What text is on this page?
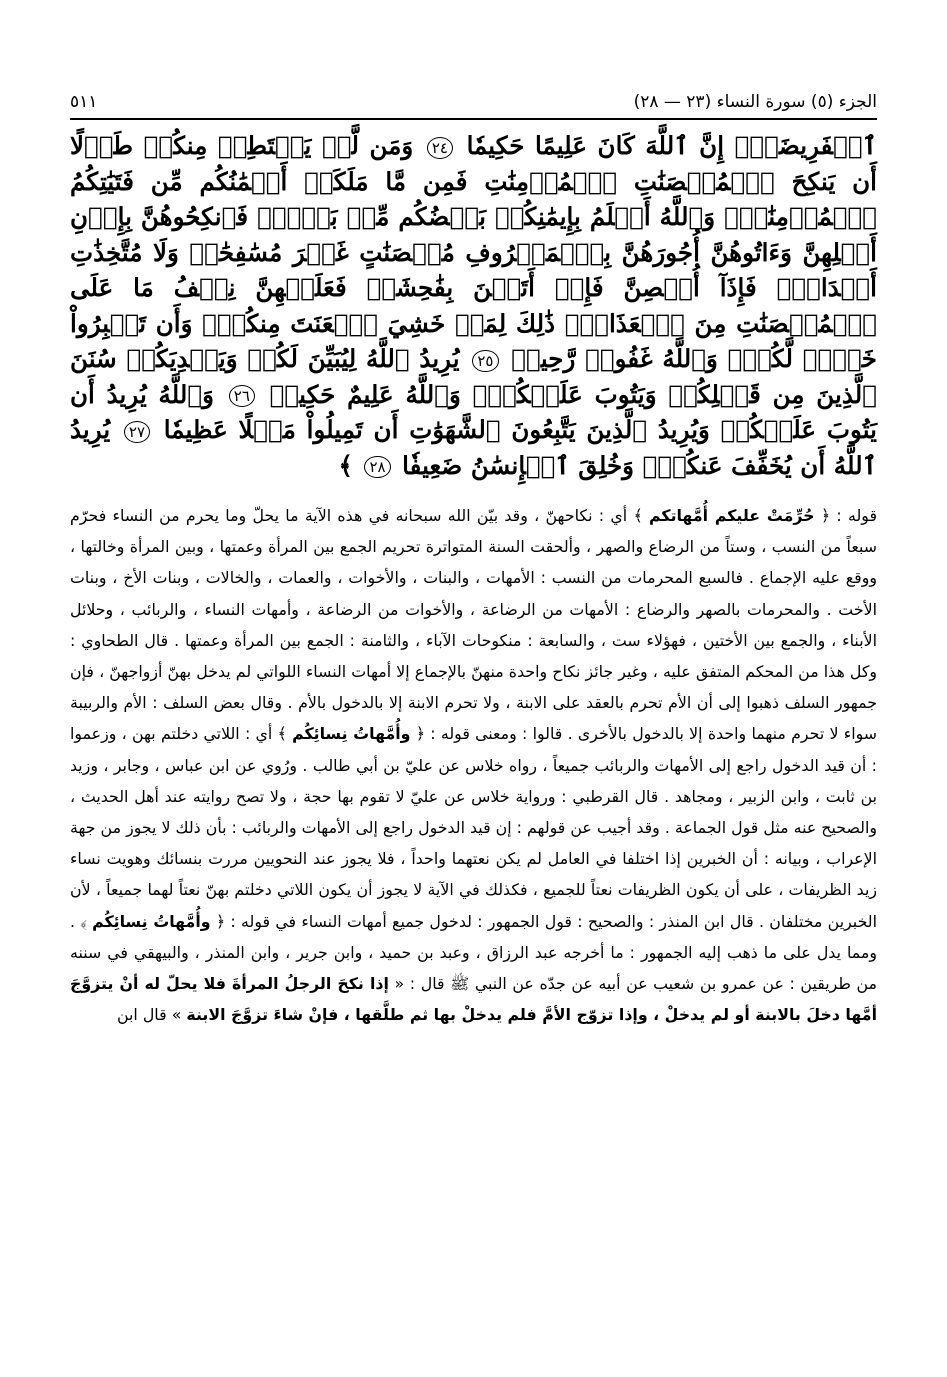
الجزء (٥) سورة النساء (٢٣ — ٢٨)
٥١١
ٱلۡفَرِيضَةِۚ إِنَّ ٱللَّهَ كَانَ عَلِيمًا حَكِيمٗا ٢٤ وَمَن لَّمۡ يَسۡتَطِعۡ مِنكُمۡ طَوۡلًا أَن يَنكِحَ ٱلۡمُحۡصَنَٰتِ ٱلۡمُؤۡمِنَٰتِ فَمِن مَّا مَلَكَتۡ أَيۡمَٰنُكُم مِّن فَتَيَٰتِكُمُ ٱلۡمُؤۡمِنَٰتِۚ وَٱللَّهُ أَعۡلَمُ بِإِيمَٰنِكُمۚ بَعۡضُكُم مِّنۢ بَعۡضٖۚ فَٱنكِحُوهُنَّ بِإِذۡنِ أَهۡلِهِنَّ وَءَاتُوهُنَّ أُجُورَهُنَّ بِٱلۡمَعۡرُوفِ مُحۡصَنَٰتٍ غَيۡرَ مُسَٰفِحَٰتٖ وَلَا مُتَّخِذَٰتِ أَخۡدَانٖۚ فَإِذَآ أُحۡصِنَّ فَإِنۡ أَتَيۡنَ بِفَٰحِشَةٖ فَعَلَيۡهِنَّ نِصۡفُ مَا عَلَى ٱلۡمُحۡصَنَٰتِ مِنَ ٱلۡعَذَابِۚ ذَٰلِكَ لِمَنۡ خَشِيَ ٱلۡعَنَتَ مِنكُمۡۚ وَأَن تَصۡبِرُواْ خَيۡرٞ لَّكُمۡۗ وَٱللَّهُ غَفُورٞ رَّحِيمٞ ٢٥ يُرِيدُ ٱللَّهُ لِيُبَيِّنَ لَكُمۡ وَيَهۡدِيَكُمۡ سُنَنَ ٱلَّذِينَ مِن قَبۡلِكُمۡ وَيَتُوبَ عَلَيۡكُمۡۗ وَٱللَّهُ عَلِيمٌ حَكِيمٞ ٢٦ وَٱللَّهُ يُرِيدُ أَن يَتُوبَ عَلَيۡكُمۡ وَيُرِيدُ ٱلَّذِينَ يَتَّبِعُونَ ٱلشَّهَوَٰتِ أَن تَمِيلُواْ مَيۡلًا عَظِيمٗا ٢٧ يُرِيدُ ٱللَّهُ أَن يُخَفِّفَ عَنكُمۡۚ وَخُلِقَ ٱلۡإِنسَٰنُ ضَعِيفٗا ٢٨ ﴾
قوله : ﴿ حُرِّمَتْ عليكم أُمَّهاتكم ﴾ أي : نكاحهنّ ، وقد بيّن الله سبحانه في هذه الآية ما يحلّ وما يحرم من النساء فحرّم سبعاً من النسب ، وستاً من الرضاع والصهر ، وألحقت السنة المتواترة تحريم الجمع بين المرأة وعمتها ، وبين المرأة وخالتها ، ووقع عليه الإجماع . فالسبع المحرمات من النسب : الأمهات ، والبنات ، والأخوات ، والعمات ، والخالات ، وبنات الأخ ، وبنات الأخت . والمحرمات بالصهر والرضاع : الأمهات من الرضاعة ، والأخوات من الرضاعة ، وأمهات النساء ، والربائب ، وحلائل الأبناء ، والجمع بين الأختين ، فهؤلاء ست ، والسابعة : منكوحات الآباء ، والثامنة : الجمع بين المرأة وعمتها . قال الطحاوي : وكل هذا من المحكم المتفق عليه ، وغير جائز نكاح واحدة منهنّ بالإجماع إلا أمهات النساء اللواتي لم يدخل بهنّ أزواجهنّ ، فإن جمهور السلف ذهبوا إلى أن الأم تحرم بالعقد على الابنة ، ولا تحرم الابنة إلا بالدخول بالأم . وقال بعض السلف : الأم والربيبة سواء لا تحرم منهما واحدة إلا بالدخول بالأخرى . قالوا : ومعنى قوله : ﴿ وأُمَّهاتُ نِسائِكُم ﴾ أي : اللاتي دخلتم بهن ، وزعموا : أن قيد الدخول راجع إلى الأمهات والربائب جميعاً ، رواه خلاس عن عليّ بن أبي طالب . ورُوي عن ابن عباس ، وجابر ، وزيد بن ثابت ، وابن الزبير ، ومجاهد . قال القرطبي : ورواية خلاس عن عليّ لا تقوم بها حجة ، ولا تصح روايته عند أهل الحديث ، والصحيح عنه مثل قول الجماعة . وقد أجيب عن قولهم : إن قيد الدخول راجع إلى الأمهات والربائب : بأن ذلك لا يجوز من جهة الإعراب ، وبيانه : أن الخبرين إذا اختلفا في العامل لم يكن نعتهما واحداً ، فلا يجوز عند النحويين مررت بنسائك وهويت نساء زيد الظريفات ، على أن يكون الظريفات نعتاً للجميع ، فكذلك في الآية لا يجوز أن يكون اللاتي دخلتم بهنّ نعتاً لهما جميعاً ، لأن الخبرين مختلفان . قال ابن المنذر : والصحيح : قول الجمهور : لدخول جميع أمهات النساء في قوله : ﴿ وأُمَّهاتُ نِسائِكُم ﴾ . ومما يدل على ما ذهب إليه الجمهور : ما أخرجه عبد الرزاق ، وعبد بن حميد ، وابن جرير ، وابن المنذر ، والبيهقي في سننه من طريقين : عن عمرو بن شعيب عن أبيه عن جدّه عن النبي ﷺ قال : « إذا نكحَ الرجلُ المرأةَ فلا يحلّ له أنْ يتزوَّجَ أمَّها دخلَ بالابنة أو لم يدخلْ ، وإذا تزوّج الأمَّ فلم يدخلْ بها ثم طلَّقها ، فإنْ شاءَ تزوَّجَ الابنة » قال ابن
